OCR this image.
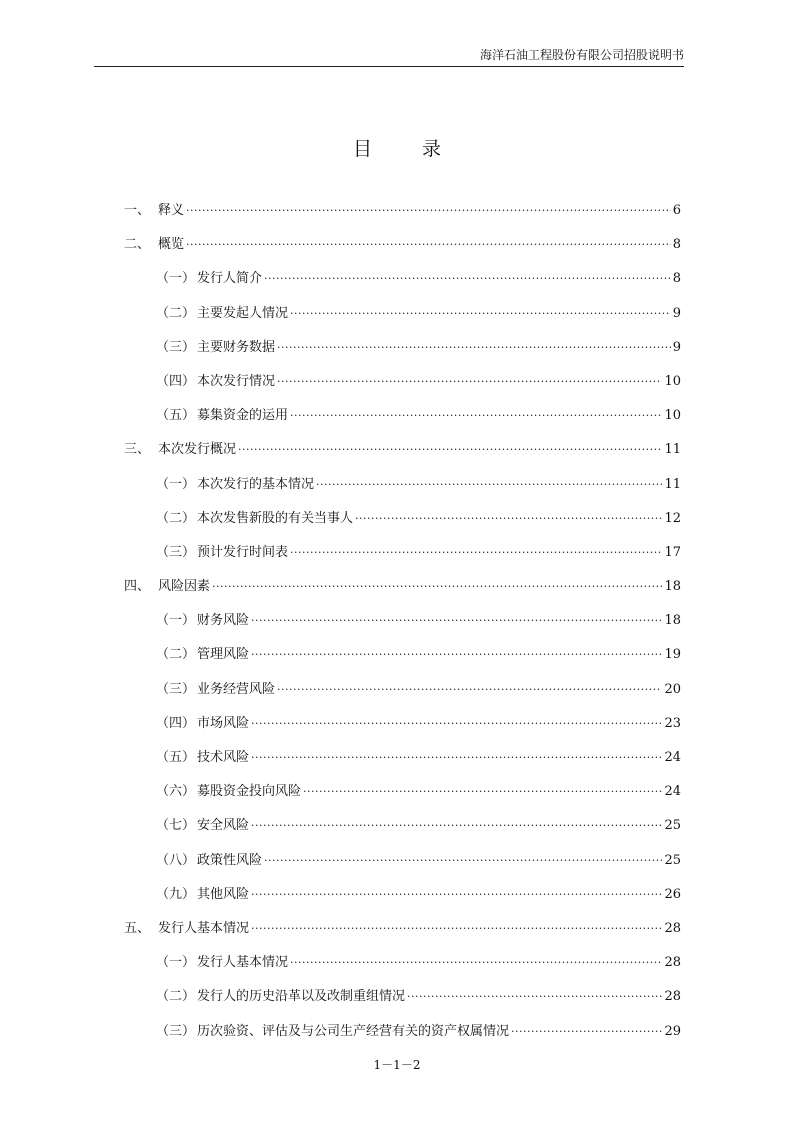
海洋石油工程股份有限公司招股说明书
目 录
一、 释义 ·····	6
二、 概览 ·····	8
（一） 发行人简介 ·····	8
（二） 主要发起人情况 ·····	9
（三） 主要财务数据 ·····	9
（四） 本次发行情况 ·····	10
（五） 募集资金的运用 ·····	10
三、 本次发行概况 ·····	11
（一） 本次发行的基本情况 ·····	11
（二） 本次发售新股的有关当事人 ·····	12
（三） 预计发行时间表 ·····	17
四、 风险因素 ·····	18
（一） 财务风险 ·····	18
（二） 管理风险 ·····	19
（三） 业务经营风险 ·····	20
（四） 市场风险 ·····	23
（五） 技术风险 ·····	24
（六） 募股资金投向风险 ·····	24
（七） 安全风险 ·····	25
（八） 政策性风险 ·····	25
（九） 其他风险 ·····	26
五、 发行人基本情况 ·····	28
（一） 发行人基本情况 ·····	28
（二） 发行人的历史沿革以及改制重组情况 ·····	28
（三） 历次验资、评估及与公司生产经营有关的资产权属情况 ·····	29
1－1－2
